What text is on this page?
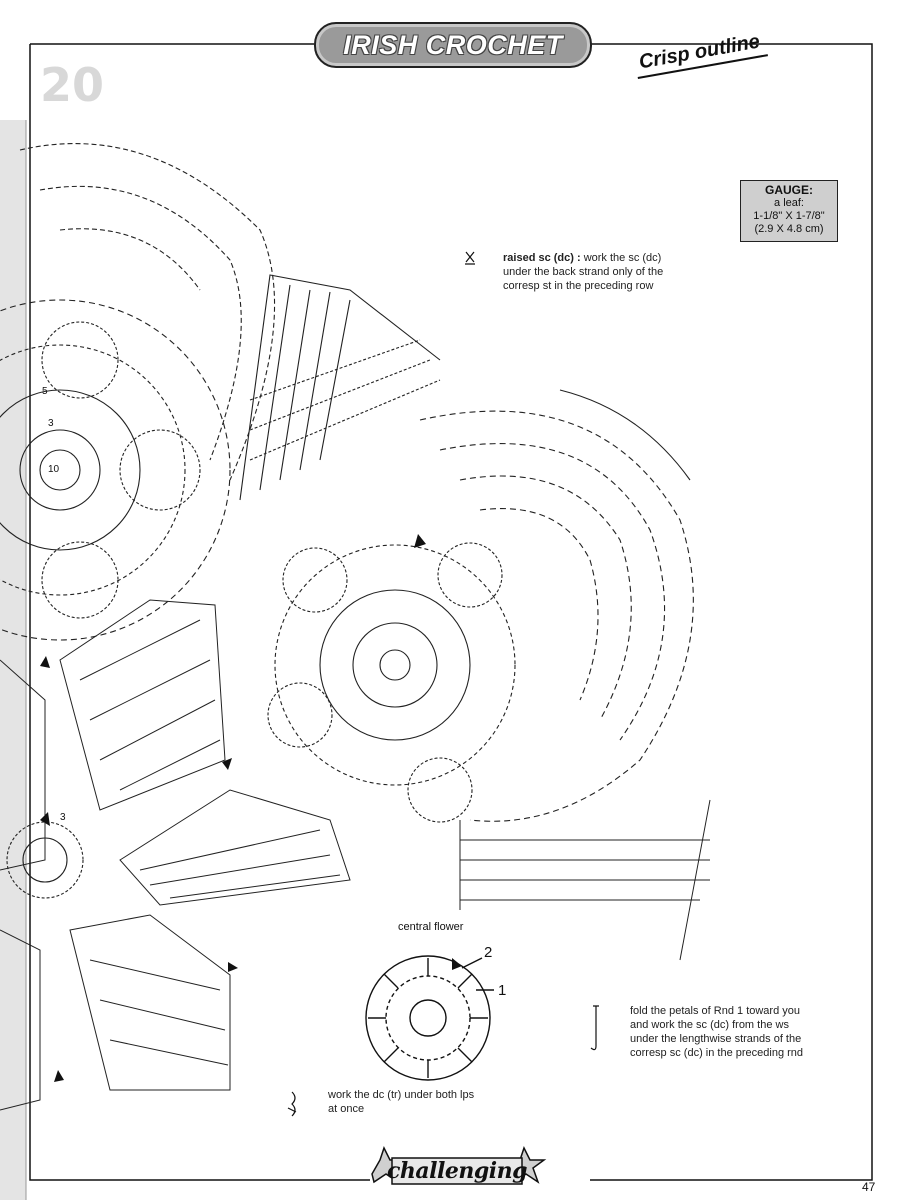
IRISH CROCHET
20
Crisp outline
GAUGE:
a leaf:
1-1/8" X 1-7/8"
(2.9 X 4.8 cm)
raised sc (dc) : work the sc (dc) under the back strand only of the corresp st in the preceding row
central flower
2
1
5
3
10
3
fold the petals of Rnd 1 toward you and work the sc (dc) from the ws under the lengthwise strands of the corresp sc (dc) in the preceding rnd
work the dc (tr) under both lps at once
challenging
47
